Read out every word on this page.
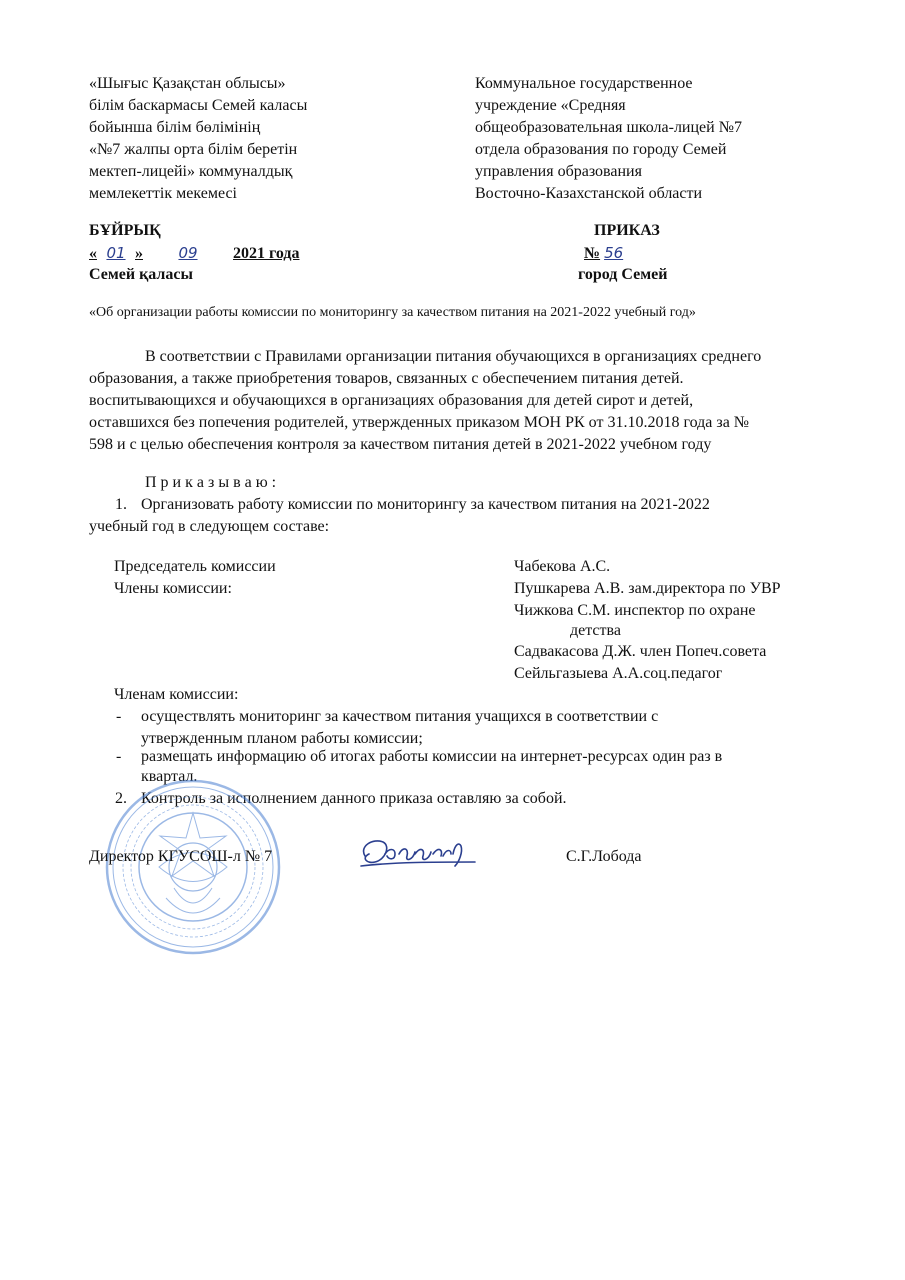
«Шығыс Қазақстан облысы»
білім баскармасы Семей каласы
бойынша білім бөлімінің
«№7 жалпы орта білім беретін
мектеп-лицейі» коммуналдық
мемлекеттік мекемесі
Коммунальное государственное
учреждение «Средняя
общеобразовательная школа-лицей №7
отдела образования по городу Семей
управления образования
Восточно-Казахстанской области
БҰЙРЫҚ	ПРИКАЗ
« 01 » 09 2021 года	№ 56
Семей қаласы	город Семей
«Об организации работы комиссии по мониторингу за качеством питания на 2021-2022 учебный год»
В соответствии с Правилами организации питания обучающихся в организациях среднего
образования, а также приобретения товаров, связанных с обеспечением питания детей.
воспитывающихся и обучающихся в организациях образования для детей сирот и детей,
оставшихся без попечения родителей, утвержденных приказом МОН РК от 31.10.2018 года за №
598 и с целью обеспечения контроля за качеством питания детей в 2021-2022 учебном году
П р и к а з ы в а ю :
1. Организовать работу комиссии по мониторингу за качеством питания на 2021-2022
учебный год в следующем составе:
Председатель комиссии	Чабекова А.С.
Члены комиссии:	Пушкарева А.В. зам.директора по УВР
Чижкова С.М. инспектор по охране
детства
Садвакасова Д.Ж. член Попеч.совета
Сейльгазыева А.А.соц.педагог
Членам комиссии:
- осуществлять мониторинг за качеством питания учащихся в соответствии с
утвержденным планом работы комиссии;
- размещать информацию об итогах работы комиссии на интернет-ресурсах один раз в
квартал.
2. Контроль за исполнением данного приказа оставляю за собой.
Директор КГУСОШ-л № 7	С.Г.Лобода
